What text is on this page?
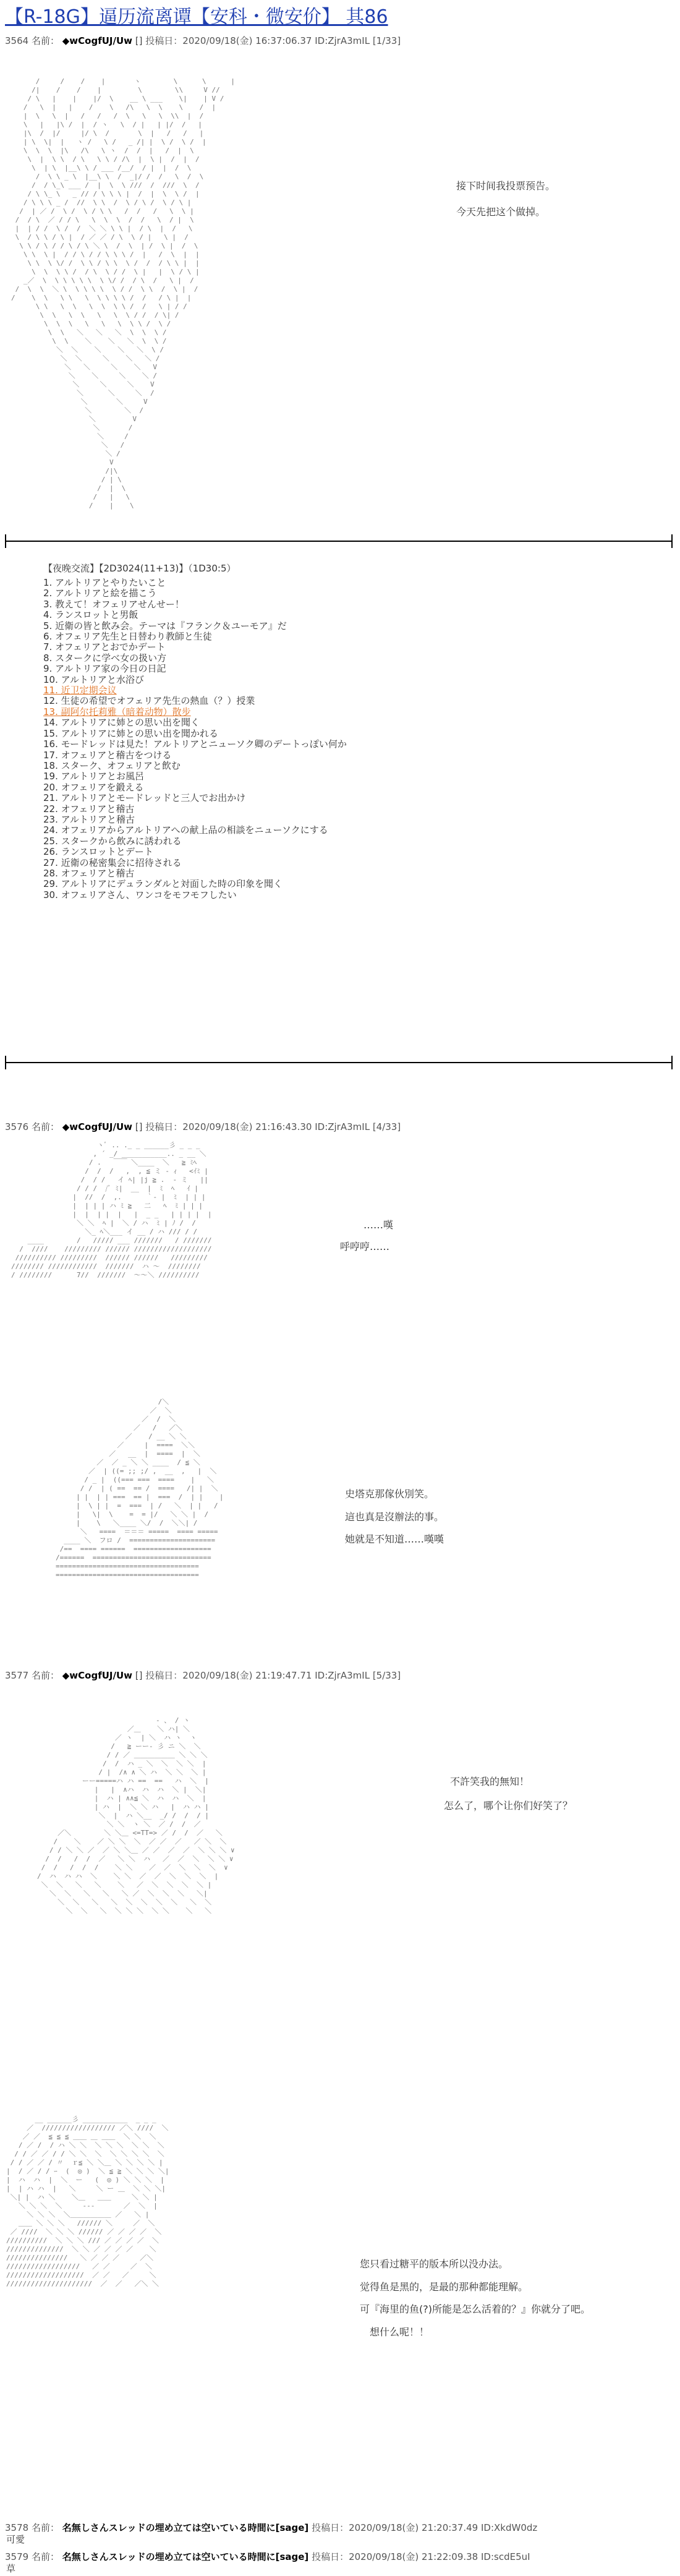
【R-18G】逼历流离谭【安科・微安价】 其86
3564 名前： ◆wCogfUJ/Uw [] 投稿日：2020/09/18(金) 16:37:06.37 ID:ZjrA3mIL [1/33]
/     /    /    |       ヽ        \      \      |
/|    /    /    |         \        \\     V //
/ \   |    |    |/  \    __ \ ___    \|    | V /
/   \  |   |    /    \   /\   \  \    \    /  |
|  \   \  |   /   /   /  \   \   \  \\  |  /
\   |   |\ /  |  / ヽ   \  / |   | |/  /   |
|\  /  |/     |/ \  /       \  |   /   /   |
| \  \|  |   ヽ /   \ /   _ /| |  \ /  \ /  |
\  \  \  |\   /\   \ ヽ  /  /  |   /  |  \
\  |  \ \  / \   \ \ / /\  |  \ |  /  |  /
\  | \  |__\ \ / ___ /__/  / |  |  /  \
/  \ \ _ \  |__\ \  /  _|/ /  /   \  /  \
/  / \_\ ___ /  |  \  \ ///  /  ///  \  /
/ \ \_ \   _ // / \ \ \ |  /  |  \  \ /  |
/ \ \ \ _ /  //  \ \  /  \ / \ /  \ / \ |
/  | ／ /  \ /  \ / \ \   /  /   /   \  \ |
/  / \  ／ / / \   \  \  \  /  /   \  / |  \
|  | / /  \ /  /  ＼ ＼ \ \ |  / \  |  /   \
\  / \ \ / \ |  / ／ ／ / \  \ / |   \ |  /
\ \ / \ / / \ / \ ＼ \  /  \  | /  \ |  /  \
\ \  \ |  / / \ / / \ \ \ /  |   /  \  |  |
\ \  \ \/ /  \ \ / \ \  \ /  /  / \ \ |  |
\  \  \ \ /  / \  \ / /  \ |   |  \ / \ |
_／  \  \ \ \ \ \  \ \/ /  / \  /   \ |  /
/  \  \  ＼ \  \ \ \ \  \ / /  \ \  /  \ |  /
/    \  \   \ \   \  \ \ \ \ /  /   / \ |  |
\ \   \  \   \  \  \ \ /  /   \ | / /
\  \   \  \   \   \  \ / /  / \| /
\  \  \   \   \   \  \ \ /  \ /
\  \   ＼   ＼   ＼  \  \  \ /
\  \    ＼    ＼   ＼  \  \ /
＼  ＼    ＼    ＼   ＼  \ /
＼  ＼     ＼    ＼   ＼ /
＼   ＼     ＼    ＼   V
＼    ＼     ＼    ＼ /
＼     ＼     ＼    V
＼      ＼     ＼  /
＼       ＼     V
＼        ＼  /
＼         V
＼       /
＼     /
＼   /
＼ /
V
/|\
/ | \
/  |  \
/   |   \
/    |    \
接下时间我投票预告。
今天先把这个做掉。
【夜晚交流】【2D3024(11+13)】（1D30:5）
1. アルトリアとやりたいこと
2. アルトリアと絵を描こう
3. 教えて！オフェリアせんせー！
4. ランスロットと男飯
5. 近衛の皆と飲み会。テーマは『フランク＆ユーモア』だ
6. オフェリア先生と日替わり教師と生徒
7. オフェリアとおでかデート
8. スタークに学べ女の扱い方
9. アルトリア家の今日の日記
10. アルトリアと水浴び
11. 近卫定期会议
12. 生徒の希望でオフェリア先生の熱血（？）授業
13. 副阿尔托莉雅（暗着动物）散步
14. アルトリアに姉との思い出を聞く
15. アルトリアに姉との思い出を聞かれる
16. モードレッドは見た！アルトリアとニューソク卿のデートっぽい何か
17. オフェリアと稽古をつける
18. スターク、オフェリアと飲む
19. アルトリアとお風呂
20. オフェリアを鍛える
21. アルトリアとモードレッドと三人でお出かけ
22. オフェリアと稽古
23. アルトリアと稽古
24. オフェリアからアルトリアへの献上品の相談をニューソクにする
25. スタークから飲みに誘われる
26. ランスロットとデート
27. 近衛の秘密集会に招待される
28. オフェリアと稽古
29. アルトリアにデュランダルと対面した時の印象を聞く
30. オフェリアさん、ワンコをモフモフしたい
3576 名前： ◆wCogfUJ/Uw [] 投稿日：2020/09/18(金) 21:16:43.30 ID:ZjrA3mIL [4/33]
ヽﾞ .. ._ _ ______彡 _ _ _
, ´ _/ ___________.. _ __ ＼
/ .   ￣￣ ＼____  ＼   ≧ ﾐﾍ
/  /  /   ,  , ≦ ミ - ｨ   <ｲﾐ |
/  / /   イ ﾍ| |j ≧ .  ‐ ミ   ||
/ / /  /ﾞ ﾐ|  __  |  ﾐ  ﾍ   ｲ |
|  //  /  ,.      ｀‐ |  ﾐ  | | |
|  | | | ハ ﾐ ≧   二   ﾍ  ﾐ | | |
|  |  | |  |   |  _ _   | | | |  |
＼ ＼  ﾍ |  ＼ / ハ  ﾐ | ﾉ /  /
＼_ ﾍ＼___ イ __ / ハ /// / /
____        /   ///// ___ ///////   / ///////
/  ////    ///////// ////// ///////////////////
////////// /////////  ////// //////   /////////
//////// ////////////  ///////  ハ ～  ////////
/ ////////      7//  ///////  ～～＼ //////////
……嘆
呼哼哼……
/＼
／  ＼
／  /  ＼
／   /   ／＼
／    / __ ＼ ＼
／     |  ====  ＼＼
／   __  |  ====  |  ＼
／  ／ _ ＼ ＼ ____  / ≦ ＼
／  | ((= ;; ;/ ,  __  ,   |  ＼
/ _ |  ((=== ===  ====    |   ＼
/ /  | ( ==  == /  ====   /| |  ＼
| |  | | ===  == |  ===  /  | |    |
|  \ | |  =  ===  | /   ＼  | |   /
|   \|  \    =  = |/   ＼ ＼ |  /
|    \   ＼____ ＼/  /  ＼＼| /
＼   ====  ＝＝＝ =====  ==== =====
____ ＼  フロ /  =====================
/==  ==== ======  ===================
/======  =============================
===================================
===================================
史塔克那傢伙別笑。
這也真是沒辦法的事。
她就是不知道……嘆嘆
3577 名前： ◆wCogfUJ/Uw [] 投稿日：2020/09/18(金) 21:19:47.71 ID:ZjrA3mIL [5/33]
‐ 、 / ヽ
／＿    ＼ ハ| ＼
／ ヽ  | ＼  ハ ヽ  ヽ
/   ≧ ーー‐ 彡 ニ ＼  ＼
/ / ／ ＿＿＿＿＿＿ ＼ ＼ ＼
/  /  ハ _ ＼  ＼  ＼ ＼  |
/ |  /∧ ∧ ＼ ハ  ＼ ＼  ＼ |
ーー=====ハ ハ ==  ==   ハ  ＼  |
|   |  ∧ハ  ハ  ハ  ＼ |  ＼|
|  ハ | ∧∧≦ ＼  ハ  ハ  ＼  |
| ハ  |  ＼ ＼ ハ   |  ハ ハ |
＼  |  ハ ＼__  _/ /  /  / |
＼ ＼  ヽ ＼  ／ /  /  ／
／＼        ＼ ＼＿ <=TT=> ／ /  /  ／   ＼
/    ＼    ／ ＼ ＼  ＼  ／ ／  ／   ／ ＼  ＼
/ / ＼ ＼ ／  ／ ＼ ＼＿ ／ ／  ／  ／  ＼ ＼ ＼ ∨
/  /   /  /  ／   ＼ ＼  ハ   ／  ／  ＼  ＼ ＼ ∨
/  /   /  /  /    ＼ ＼    ／  ／  ＼  ＼  ＼  ∨
/  ハ  ハ ハ  ＼    ＼ ＼  ／  ／  ＼  ＼  ＼  |
＼  ＼   ＼   ＼    ＼   ／  ＼  ＼  ＼  ＼ |
＼  ＼   ＼   ＼   ＼ ／  ＼  ＼  ＼   ＼|
＼  ＼   ＼   ＼  ＼  ＼  ＼  ＼   ＼  ＼
＼  ＼   ＼  ＼ ＼ ＼  ＼ ＼    ＼   ＼
不許笑我的無知！
怎么了，哪个让你们好笑了？
__ ______彡 ___________  _ _ _
／  ////////////////// ／＼ ////  ＼
／ ／  ≦ ≦ ≦ ＿＿ ＿ ＿＿  ＼ ＼  ＼
/ ／ /  / ハ ＼ ＼  ＼ ＼ ＼  ＼ ＼  ＼
/ / ／ ／ / / ＼ ＼  ＼  ＼ ＼ ＼ ＼  ＼
/ / ／ ／ / 〃  ｒ≦ ＼ ＼＿ ＼ ＼ ＼ ＼ |
|  / ／ / / ｰ  (  ◎ )  ＼ ≦ ≧ ＼ ＼ ＼ ＼|
|  ハ  ハ  |  ＼  ー   (  ◎ ) ＼ ＼ ＼  |
|  | ハ ハ  |   ＼     ＼ ー ＿  ＼ ＼ ＼|
＼| |  ハ ＼    ＼＿   ＿＿     ＼ ＼ |
＼ ＼ ＼  ＼     ‐-‐       ／  ＼  |
＼ ＼ ＼  ＼＿＿＿＿＿＿ ／   ＼ |
＿＿ ＼ ＼ ＼   ////// ＼     ／  ＼
／ ////  ＼ ＼ ＼ ////// ／ ／ ／ ／  ＼
//////////  ＼ ＼ ＼ /// ／ ／ ／ ／  ＼
//////////////  ＼ ＼ ／ ／ ／ ／    ＼
///////////////   ＼ ／ ／ ／     ／＼
//////////////////   ／ ／     ／  ＼
///////////////////  ／ ／   ／     ＼
/////////////////////  ／  ／   ／＼ ＼
您只看过糖平的版本所以没办法。
觉得鱼是黑的，是最的那种都能理解。
可『海里的鱼(?)所能是怎么活着的？』你就分了吧。
想什么呢！！
3578 名前： 名無しさんスレッドの埋め立ては空いている時間に[sage] 投稿日：2020/09/18(金) 21:20:37.49 ID:XkdW0dz
可愛
3579 名前： 名無しさんスレッドの埋め立ては空いている時間に[sage] 投稿日：2020/09/18(金) 21:22:09.38 ID:scdE5uI
草
